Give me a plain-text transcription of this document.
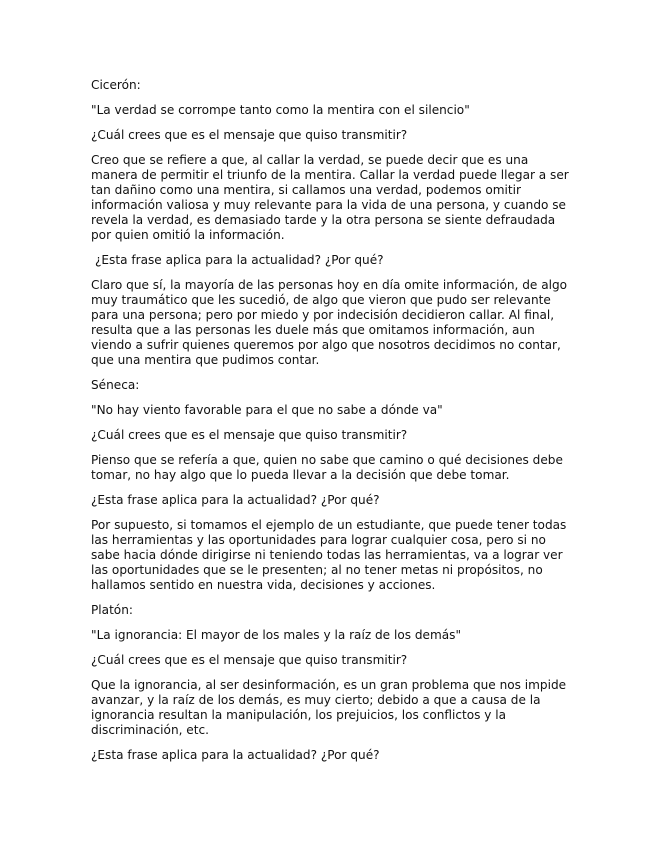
Cicerón:

"La verdad se corrompe tanto como la mentira con el silencio"

¿Cuál crees que es el mensaje que quiso transmitir?

Creo que se refiere a que, al callar la verdad, se puede decir que es una
manera de permitir el triunfo de la mentira. Callar la verdad puede llegar a ser
tan dañino como una mentira, si callamos una verdad, podemos omitir
información valiosa y muy relevante para la vida de una persona, y cuando se
revela la verdad, es demasiado tarde y la otra persona se siente defraudada
por quien omitió la información.

¿Esta frase aplica para la actualidad? ¿Por qué?

Claro que sí, la mayoría de las personas hoy en día omite información, de algo
muy traumático que les sucedió, de algo que vieron que pudo ser relevante
para una persona; pero por miedo y por indecisión decidieron callar. Al final,
resulta que a las personas les duele más que omitamos información, aun
viendo a sufrir quienes queremos por algo que nosotros decidimos no contar,
que una mentira que pudimos contar.

Séneca:

"No hay viento favorable para el que no sabe a dónde va"

¿Cuál crees que es el mensaje que quiso transmitir?

Pienso que se refería a que, quien no sabe que camino o qué decisiones debe
tomar, no hay algo que lo pueda llevar a la decisión que debe tomar.

¿Esta frase aplica para la actualidad? ¿Por qué?

Por supuesto, si tomamos el ejemplo de un estudiante, que puede tener todas
las herramientas y las oportunidades para lograr cualquier cosa, pero si no
sabe hacia dónde dirigirse ni teniendo todas las herramientas, va a lograr ver
las oportunidades que se le presenten; al no tener metas ni propósitos, no
hallamos sentido en nuestra vida, decisiones y acciones.

Platón:

"La ignorancia: El mayor de los males y la raíz de los demás"

¿Cuál crees que es el mensaje que quiso transmitir?

Que la ignorancia, al ser desinformación, es un gran problema que nos impide
avanzar, y la raíz de los demás, es muy cierto; debido a que a causa de la
ignorancia resultan la manipulación, los prejuicios, los conflictos y la
discriminación, etc.

¿Esta frase aplica para la actualidad? ¿Por qué?
